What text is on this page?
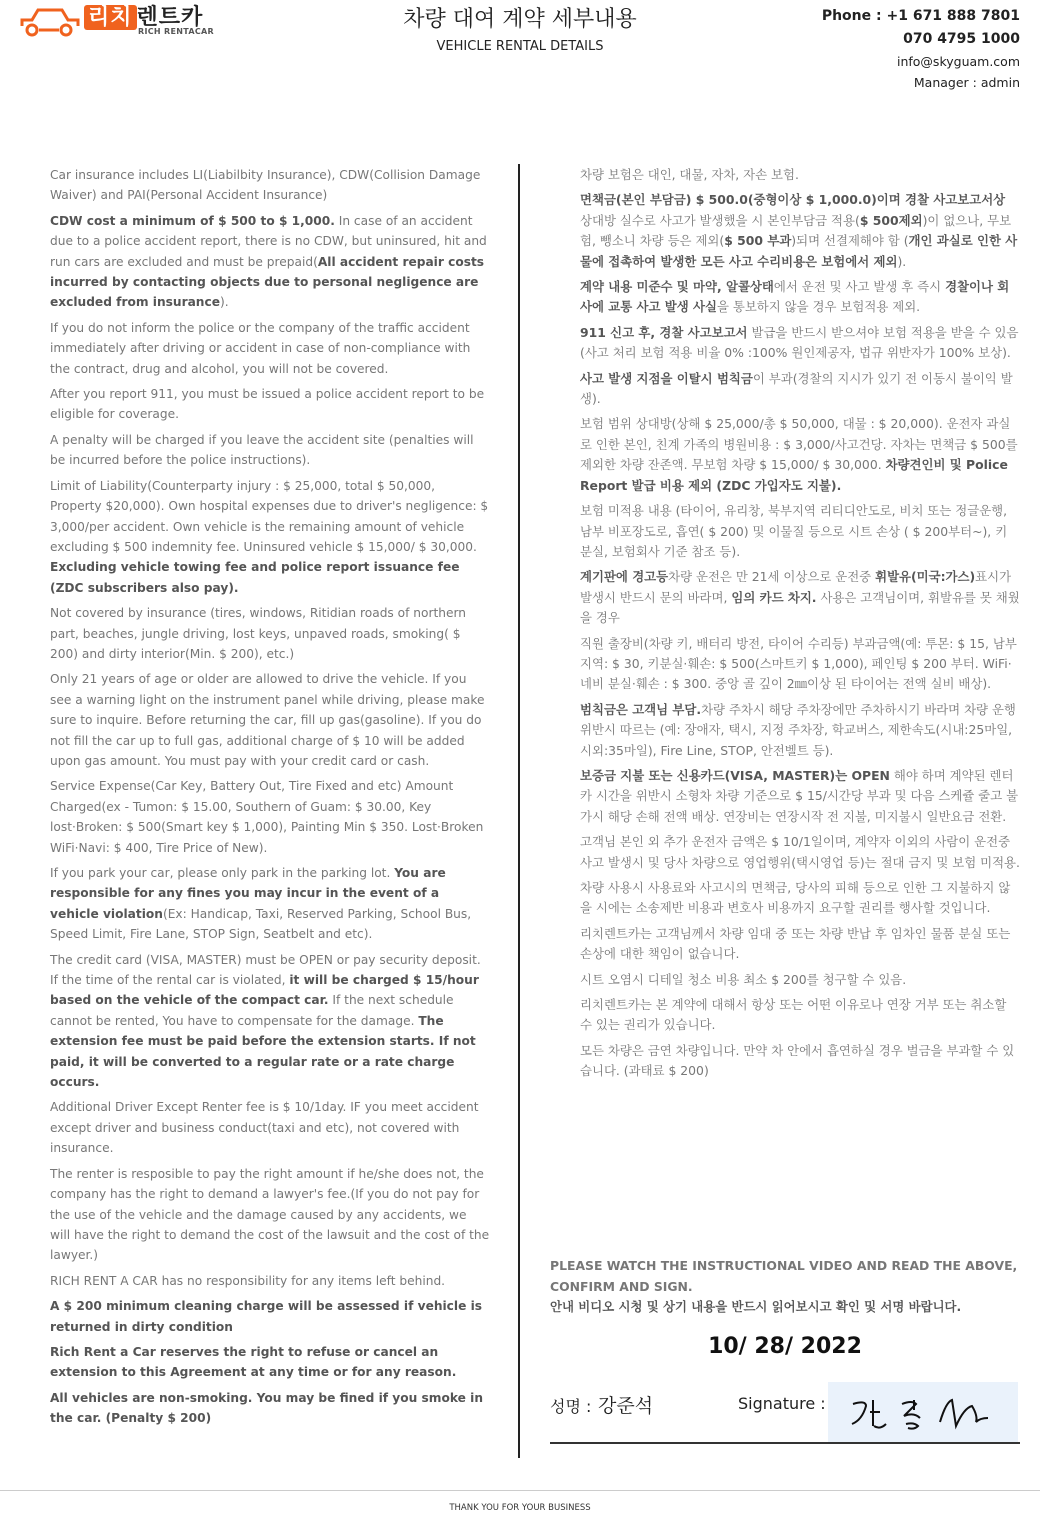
리치 렌트카
RICH RENTACAR	차량 대여 계약 세부내용
VEHICLE RENTAL DETAILS
Phone : +1 671 888 7801
070 4795 1000
info@skyguam.com
Manager : admin
Car insurance includes LI(Liabilbity Insurance), CDW(Collision Damage Waiver) and PAI(Personal Accident Insurance)
CDW cost a minimum of $ 500 to $ 1,000. In case of an accident due to a police accident report, there is no CDW, but uninsured, hit and run cars are excluded and must be prepaid(All accident repair costs incurred by contacting objects due to personal negligence are excluded from insurance).
If you do not inform the police or the company of the traffic accident immediately after driving or accident in case of non-compliance with the contract, drug and alcohol, you will not be covered.
After you report 911, you must be issued a police accident report to be eligible for coverage.
A penalty will be charged if you leave the accident site (penalties will be incurred before the police instructions).
Limit of Liability(Counterparty injury : $ 25,000, total $ 50,000, Property $20,000). Own hospital expenses due to driver's negligence: $ 3,000/per accident. Own vehicle is the remaining amount of vehicle excluding $ 500 indemnity fee. Uninsured vehicle $ 15,000/ $ 30,000. Excluding vehicle towing fee and police report issuance fee (ZDC subscribers also pay).
Not covered by insurance (tires, windows, Ritidian roads of northern part, beaches, jungle driving, lost keys, unpaved roads, smoking( $ 200) and dirty interior(Min. $ 200), etc.)
Only 21 years of age or older are allowed to drive the vehicle. If you see a warning light on the instrument panel while driving, please make sure to inquire. Before returning the car, fill up gas(gasoline). If you do not fill the car up to full gas, additional charge of $ 10 will be added upon gas amount. You must pay with your credit card or cash.
Service Expense(Car Key, Battery Out, Tire Fixed and etc) Amount Charged(ex - Tumon: $ 15.00, Southern of Guam: $ 30.00, Key lost·Broken: $ 500(Smart key $ 1,000), Painting Min $ 350. Lost·Broken WiFi·Navi: $ 400, Tire Price of New).
If you park your car, please only park in the parking lot. You are responsible for any fines you may incur in the event of a vehicle violation(Ex: Handicap, Taxi, Reserved Parking, School Bus, Speed Limit, Fire Lane, STOP Sign, Seatbelt and etc).
The credit card (VISA, MASTER) must be OPEN or pay security deposit. If the time of the rental car is violated, it will be charged $ 15/hour based on the vehicle of the compact car. If the next schedule cannot be rented, You have to compensate for the damage. The extension fee must be paid before the extension starts. If not paid, it will be converted to a regular rate or a rate charge occurs.
Additional Driver Except Renter fee is $ 10/1day. IF you meet accident except driver and business conduct(taxi and etc), not covered with insurance.
The renter is resposible to pay the right amount if he/she does not, the company has the right to demand a lawyer's fee.(If you do not pay for the use of the vehicle and the damage caused by any accidents, we will have the right to demand the cost of the lawsuit and the cost of the lawyer.)
RICH RENT A CAR has no responsibility for any items left behind.
A $ 200 minimum cleaning charge will be assessed if vehicle is returned in dirty condition
Rich Rent a Car reserves the right to refuse or cancel an extension to this Agreement at any time or for any reason.
All vehicles are non-smoking. You may be fined if you smoke in the car. (Penalty $ 200)
차량 보험은 대인, 대물, 자차, 자손 보험.
면책금(본인 부담금) $ 500.0(중형이상 $ 1,000.0)이며 경찰 사고보고서상 상대방 실수로 사고가 발생했을 시 본인부담금 적용($ 500제외)이 없으나, 무보험, 뺑소니 차량 등은 제외($ 500 부과)되며 선결제해야 함 (개인 과실로 인한 사물에 접촉하여 발생한 모든 사고 수리비용은 보험에서 제외).
계약 내용 미준수 및 마약, 알콜상태에서 운전 및 사고 발생 후 즉시 경찰이나 회사에 교통 사고 발생 사실을 통보하지 않을 경우 보험적용 제외.
911 신고 후, 경찰 사고보고서 발급을 반드시 받으셔야 보험 적용을 받을 수 있음(사고 처리 보험 적용 비율 0% :100% 원인제공자, 법규 위반자가 100% 보상).
사고 발생 지점을 이탈시 범칙금이 부과(경찰의 지시가 있기 전 이동시 불이익 발생).
보험 범위 상대방(상해 $ 25,000/총 $ 50,000, 대물 : $ 20,000). 운전자 과실로 인한 본인, 친계 가족의 병원비용 : $ 3,000/사고건당. 자차는 면책금 $ 500를 제외한 차량 잔존액. 무보험 차량 $ 15,000/ $ 30,000. 차량견인비 및 Police Report 발급 비용 제외 (ZDC 가입자도 지불).
보험 미적용 내용 (타이어, 유리창, 북부지역 리티디안도로, 비치 또는 정글운행, 남부 비포장도로, 흡연( $ 200) 및 이물질 등으로 시트 손상 ( $ 200부터~), 키 분실, 보험회사 기준 참조 등).
계기판에 경고등차량 운전은 만 21세 이상으로 운전중 휘발유(미국:가스)표시가 발생시 반드시 문의 바라며, 임의 카드 차지. 사용은 고객님이며, 휘발유를 못 채웠을 경우
직원 출장비(차량 키, 배터리 방전, 타이어 수리등) 부과금액(예: 투몬: $ 15, 남부지역: $ 30, 키분실·훼손: $ 500(스마트키 $ 1,000), 페인팅 $ 200 부터. WiFi·네비 분실·훼손 : $ 300. 중앙 골 깊이 2㎜이상 된 타이어는 전액 실비 배상).
범칙금은 고객님 부담.차량 주차시 해당 주차장에만 주차하시기 바라며 차량 운행 위반시 따르는 (예: 장애자, 택시, 지정 주차장, 학교버스, 제한속도(시내:25마일, 시외:35마일), Fire Line, STOP, 안전벨트 등).
보증금 지불 또는 신용카드(VISA, MASTER)는 OPEN 해야 하며 계약된 렌터카 시간을 위반시 소형차 차량 기준으로 $ 15/시간당 부과 및 다음 스케쥴 줄고 불가시 해당 손해 전액 배상. 연장비는 연장시작 전 지불, 미지불시 일반요금 전환.
고객님 본인 외 추가 운전자 금액은 $ 10/1일이며, 계약자 이외의 사람이 운전중 사고 발생시 및 당사 차량으로 영업행위(택시영업 등)는 절대 금지 및 보험 미적용.
차량 사용시 사용료와 사고시의 면책금, 당사의 피해 등으로 인한 그 지불하지 않을 시에는 소송제반 비용과 변호사 비용까지 요구할 권리를 행사할 것입니다.
리치렌트카는 고객님께서 차량 임대 중 또는 차량 반납 후 임차인 물품 분실 또는 손상에 대한 책임이 없습니다.
시트 오염시 디테일 청소 비용 최소 $ 200를 청구할 수 있음.
리치렌트카는 본 계약에 대해서 항상 또는 어떤 이유로나 연장 거부 또는 취소할 수 있는 권리가 있습니다.
모든 차량은 금연 차량입니다. 만약 차 안에서 흡연하실 경우 벌금을 부과할 수 있습니다. (과태료 $ 200)
PLEASE WATCH THE INSTRUCTIONAL VIDEO AND READ THE ABOVE, CONFIRM AND SIGN.
안내 비디오 시청 및 상기 내용을 반드시 읽어보시고 확인 및 서명 바랍니다.
10/ 28/ 2022
성명 : 강준석	Signature :
THANK YOU FOR YOUR BUSINESS
